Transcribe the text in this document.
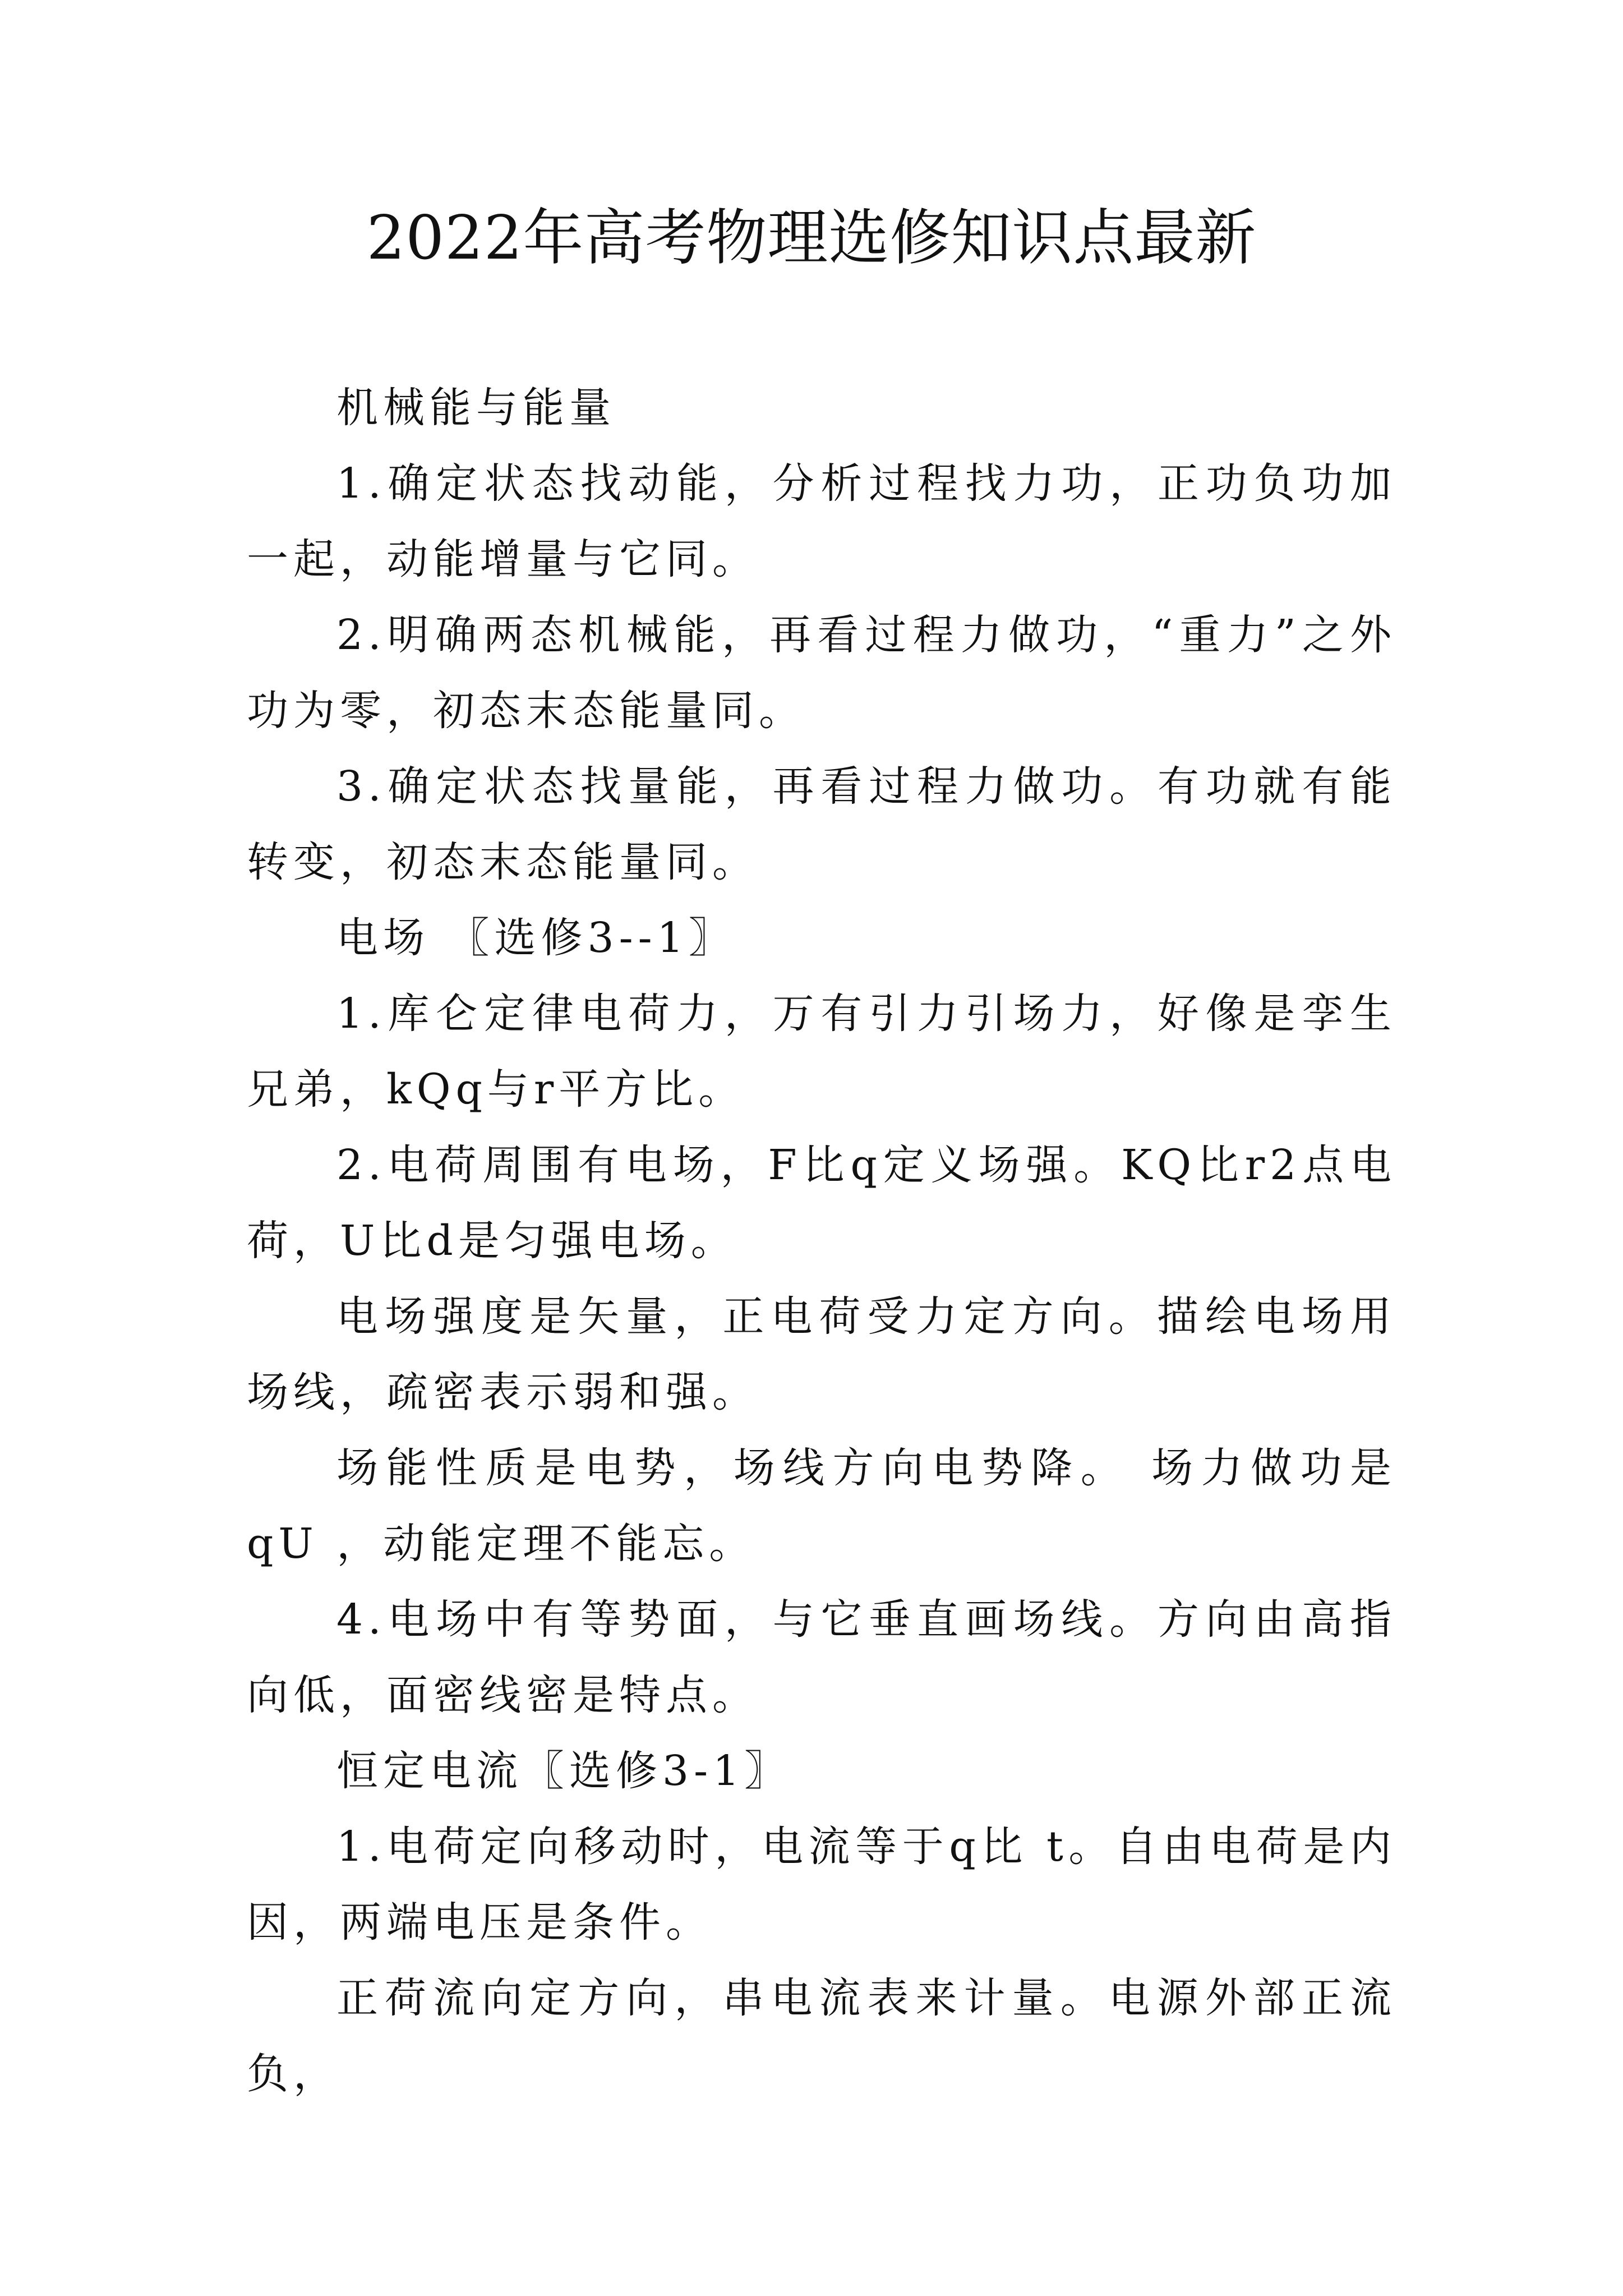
2022年高考物理选修知识点最新

机械能与能量

1.确定状态找动能，分析过程找力功，正功负功加一起，动能增量与它同。

2.明确两态机械能，再看过程力做功，“重力”之外功为零，初态末态能量同。

3.确定状态找量能，再看过程力做功。有功就有能转变，初态末态能量同。

电场 〖选修3--1〗

1.库仑定律电荷力，万有引力引场力，好像是孪生兄弟，kQq与r平方比。

2.电荷周围有电场，F比q定义场强。KQ比r2点电荷，U比d是匀强电场。

电场强度是矢量，正电荷受力定方向。描绘电场用场线，疏密表示弱和强。

场能性质是电势，场线方向电势降。 场力做功是qU ，动能定理不能忘。

4.电场中有等势面，与它垂直画场线。方向由高指向低，面密线密是特点。

恒定电流〖选修3-1〗

1.电荷定向移动时，电流等于q比 t。自由电荷是内因，两端电压是条件。

正荷流向定方向，串电流表来计量。电源外部正流负，
